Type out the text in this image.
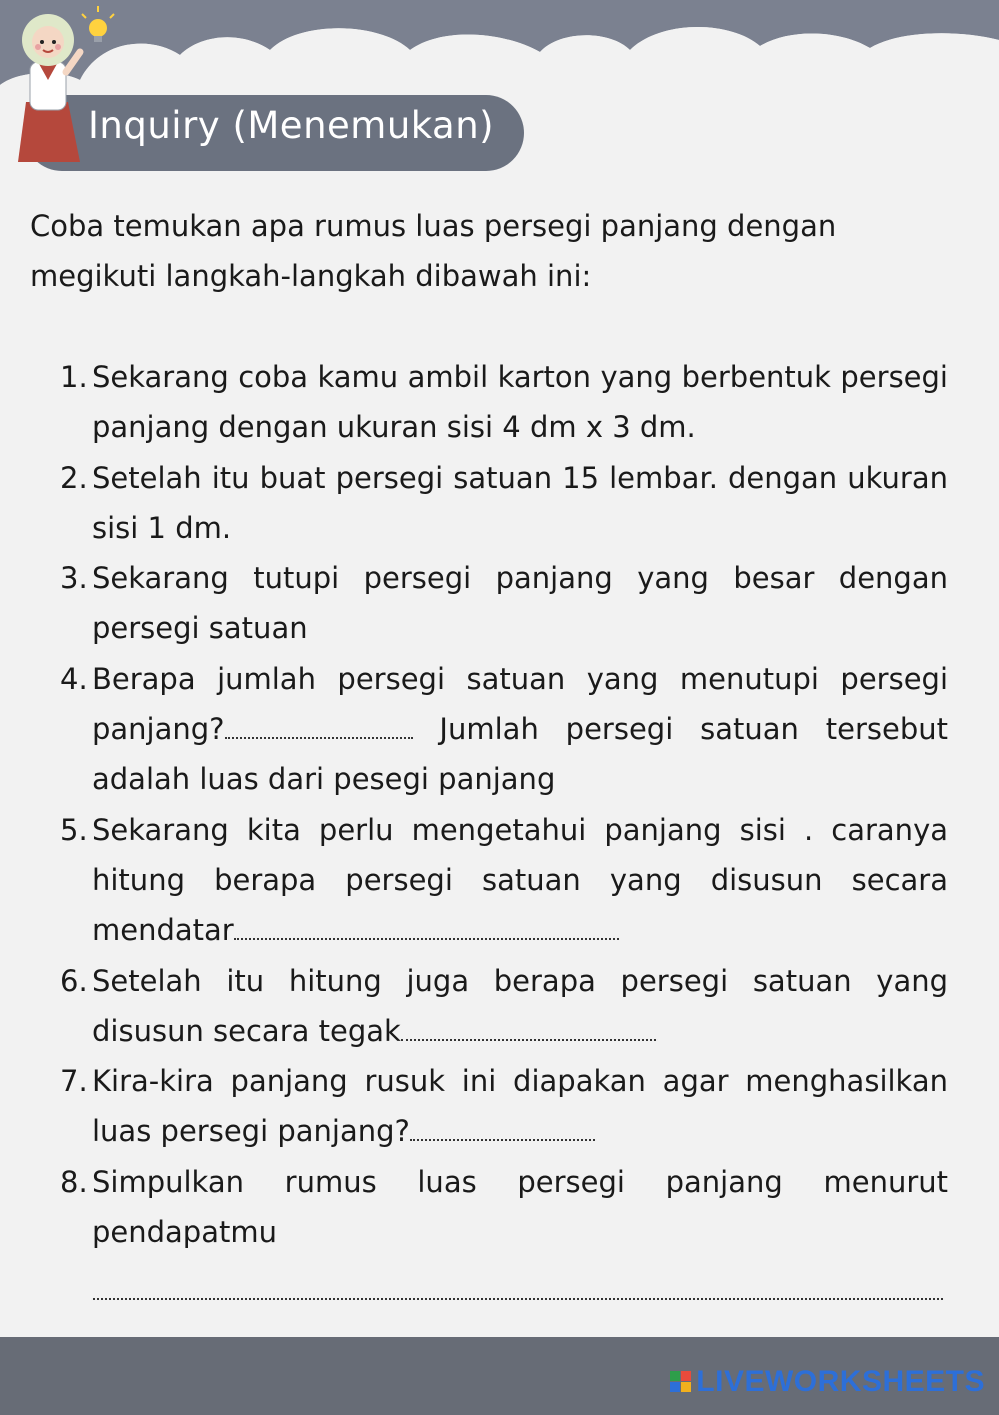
Inquiry (Menemukan)

Coba temukan apa rumus luas persegi panjang dengan megikuti langkah-langkah dibawah ini:

1. Sekarang coba kamu ambil karton yang berbentuk persegi panjang dengan ukuran sisi 4 dm x 3 dm.
2. Setelah itu buat persegi satuan 15 lembar. dengan ukuran sisi 1 dm.
3. Sekarang tutupi persegi panjang yang besar dengan persegi satuan
4. Berapa jumlah persegi satuan yang menutupi persegi panjang?	Jumlah persegi satuan tersebut adalah luas dari pesegi panjang
5. Sekarang kita perlu mengetahui panjang sisi . caranya hitung berapa persegi satuan yang disusun secara mendatar
6. Setelah itu hitung juga berapa persegi satuan yang disusun secara tegak
7. Kira-kira panjang rusuk ini diapakan agar menghasilkan luas persegi panjang?
8. Simpulkan rumus luas persegi panjang menurut pendapatmu
LIVEWORKSHEETS
